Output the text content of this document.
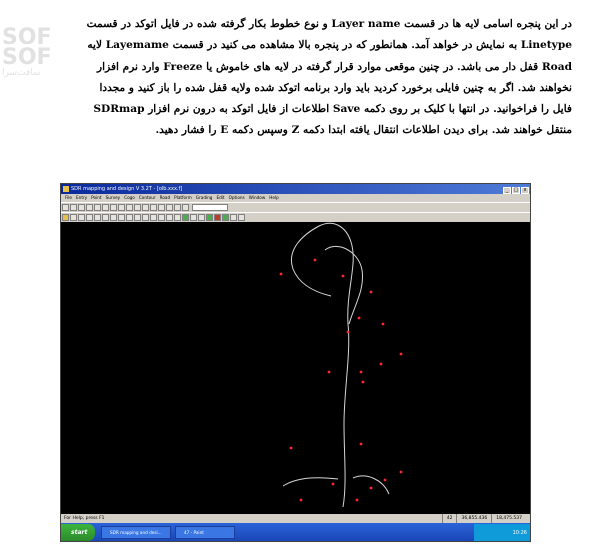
SOF
SOF
سافت‌سرا

در این پنجره اسامی لایه ها در قسمت Layer name و نوع خطوط بکار گرفته شده در فایل اتوکد در قسمت

Linetype به نمایش در خواهد آمد. همانطور که در پنجره بالا مشاهده می کنید در قسمت Layemame لایه

Road قفل دار می باشد. در چنین موقعی موارد قرار گرفته در لایه های خاموش یا Freeze وارد نرم افزار

نخواهند شد. اگر به چنین فایلی برخورد کردید باید وارد برنامه اتوکد شده ولایه قفل شده را باز کنید و مجددا

فایل را فراخوانید. در انتها با کلیک بر روی دکمه Save اطلاعات از فایل اتوکد به درون نرم افزار SDRmap

منتقل خواهند شد. برای دیدن اطلاعات انتقال یافته ابتدا دکمه Z وسپس دکمه E را فشار دهید.

SDR mapping and design V 3.2T - [olb.xxx.f]	_ □ x
File Entry Point Survey Cogo Contour Road Platform Grading Edit Options Window Help
For Help, press F1	42 36,855.436 18,475.537
start	SDR mapping and desi...	47 - Paint	10:26
